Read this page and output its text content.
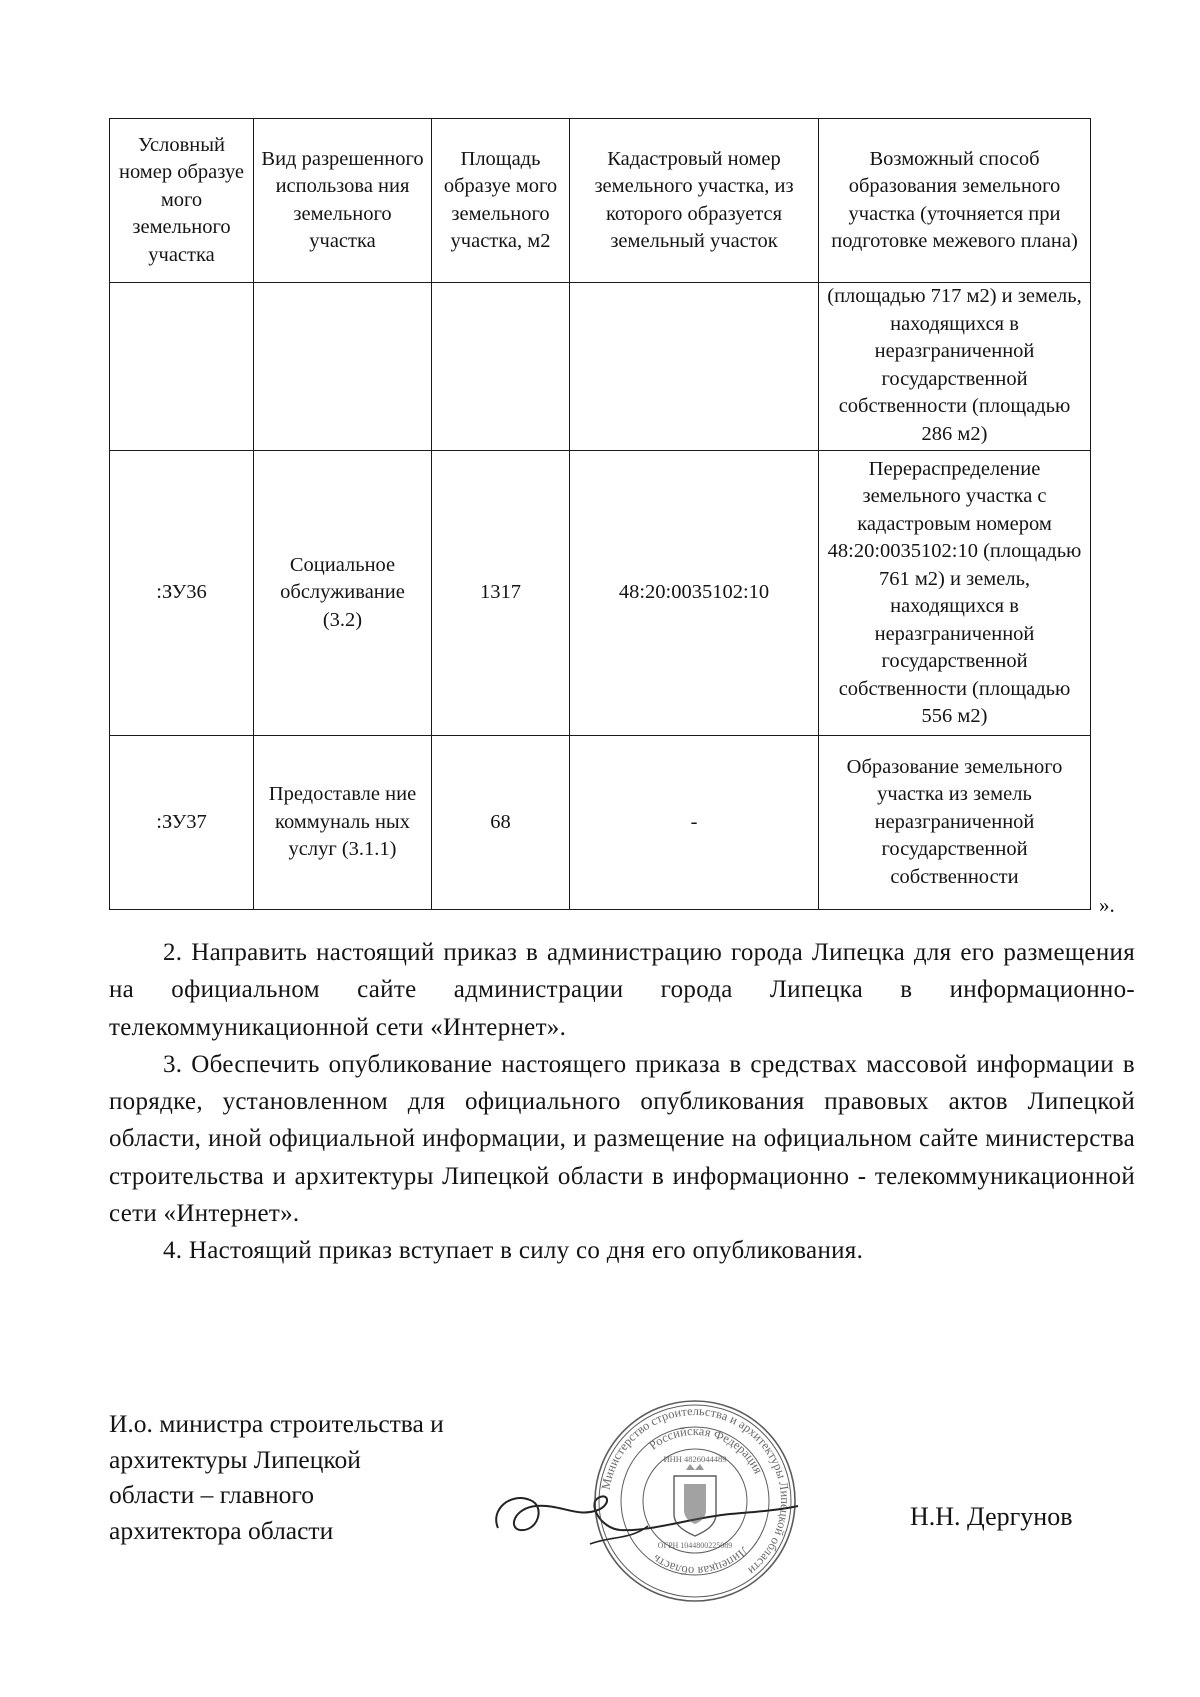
Условный номер образуе мого земельного участка	Вид разрешенного использова ния земельного участка	Площадь образуе мого земельного участка, м2	Кадастровый номер земельного участка, из которого образуется земельный участок	Возможный способ образования земельного участка (уточняется при подготовке межевого плана)
				(площадью 717 м2) и земель, находящихся в неразграниченной государственной собственности (площадью 286 м2)
:ЗУ36	Социальное обслуживание (3.2)	1317	48:20:0035102:10	Перераспределение земельного участка с кадастровым номером 48:20:0035102:10 (площадью 761 м2) и земель, находящихся в неразграниченной государственной собственности (площадью 556 м2)
:ЗУ37	Предоставле ние коммуналь ных услуг (3.1.1)	68	-	Образование земельного участка из земель неразграниченной государственной собственности
».

2. Направить настоящий приказ в администрацию города Липецка для его размещения на официальном сайте администрации города Липецка в информационно-телекоммуникационной сети «Интернет».

3. Обеспечить опубликование настоящего приказа в средствах массовой информации в порядке, установленном для официального опубликования правовых актов Липецкой области, иной официальной информации, и размещение на официальном сайте министерства строительства и архитектуры Липецкой области в информационно - телекоммуникационной сети «Интернет».

4. Настоящий приказ вступает в силу со дня его опубликования.

И.о. министра строительства и
архитектуры Липецкой
области – главного
архитектора области
Министерство строительства и архитектуры Липецкой области
Российская Федерация
Липецкая область
ИНН 4826044489
ОГРН 1044800225089
Н.Н. Дергунов
